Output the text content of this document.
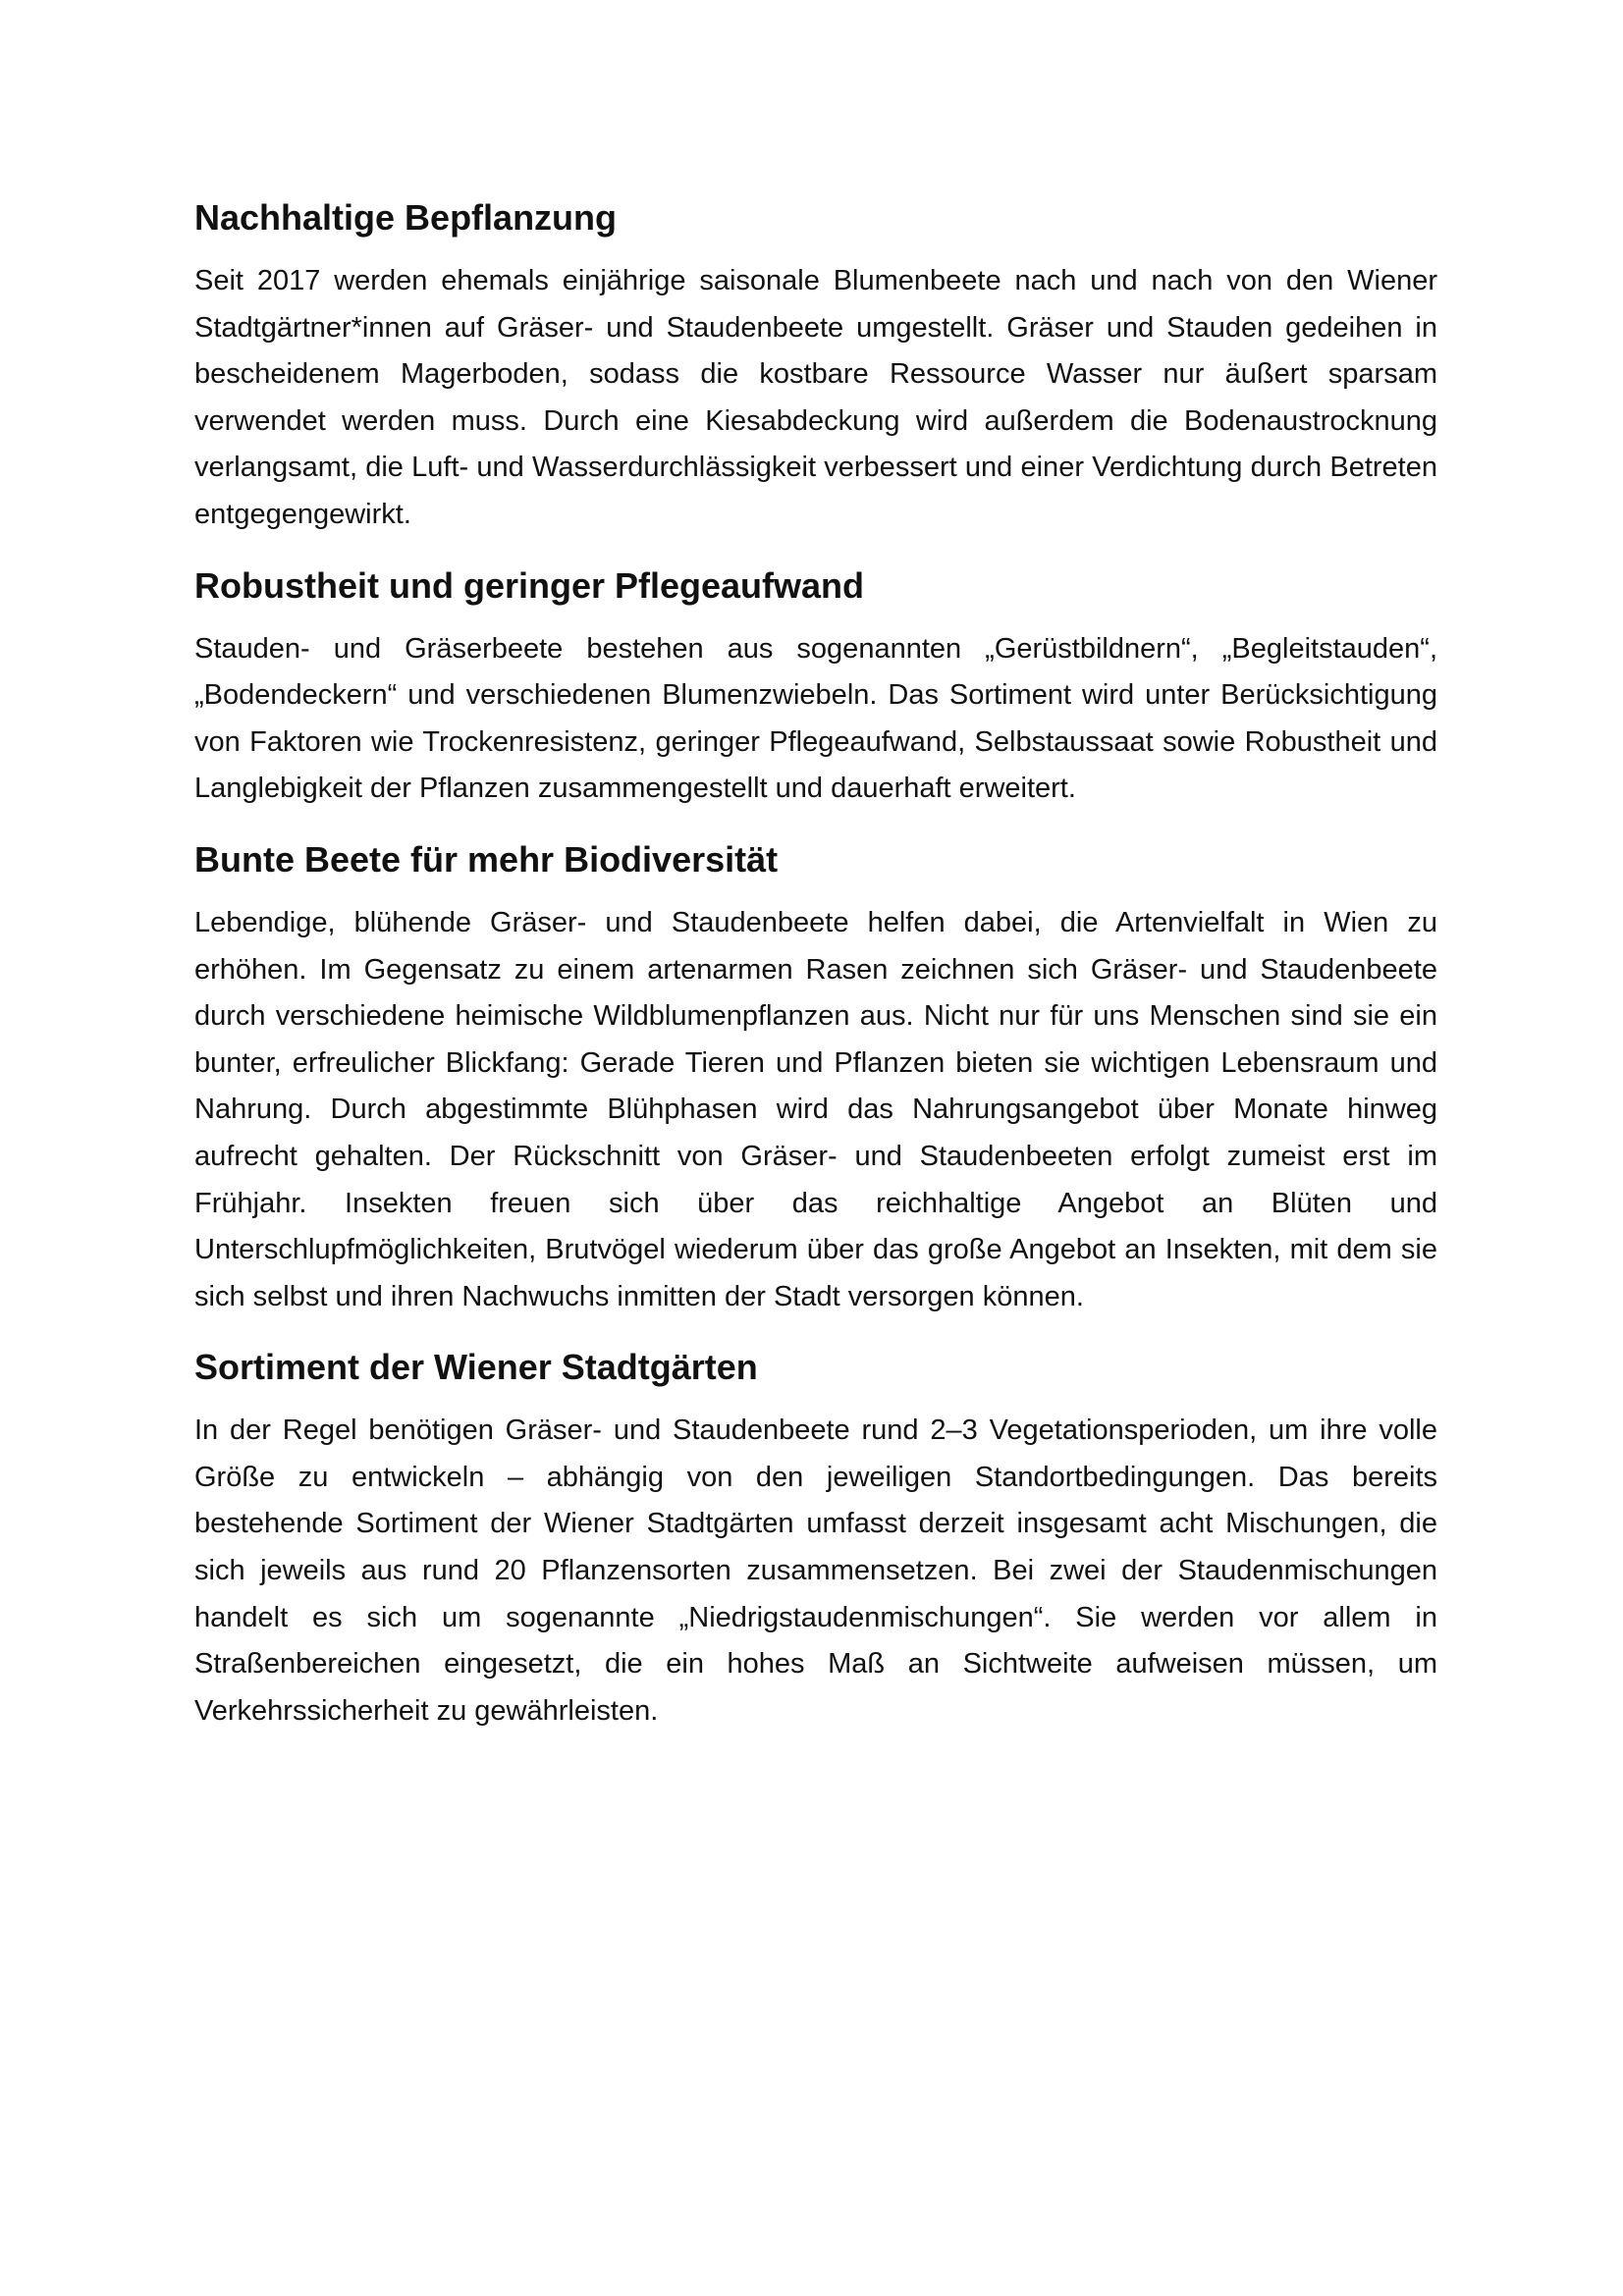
Nachhaltige Bepflanzung

Seit 2017 werden ehemals einjährige saisonale Blumenbeete nach und nach von den Wiener Stadtgärtner*innen auf Gräser- und Staudenbeete umgestellt. Gräser und Stauden gedeihen in bescheidenem Magerboden, sodass die kostbare Ressource Wasser nur äußert sparsam verwendet werden muss. Durch eine Kiesabdeckung wird außerdem die Bodenaustrocknung verlangsamt, die Luft- und Wasserdurchlässigkeit verbessert und einer Verdichtung durch Betreten entgegengewirkt.

Robustheit und geringer Pflegeaufwand

Stauden- und Gräserbeete bestehen aus sogenannten „Gerüstbildnern“, „Begleitstauden“, „Bodendeckern“ und verschiedenen Blumenzwiebeln. Das Sortiment wird unter Berücksichtigung von Faktoren wie Trockenresistenz, geringer Pflegeaufwand, Selbstaussaat sowie Robustheit und Langlebigkeit der Pflanzen zusammengestellt und dauerhaft erweitert.

Bunte Beete für mehr Biodiversität

Lebendige, blühende Gräser- und Staudenbeete helfen dabei, die Artenvielfalt in Wien zu erhöhen. Im Gegensatz zu einem artenarmen Rasen zeichnen sich Gräser- und Staudenbeete durch verschiedene heimische Wildblumenpflanzen aus. Nicht nur für uns Menschen sind sie ein bunter, erfreulicher Blickfang: Gerade Tieren und Pflanzen bieten sie wichtigen Lebensraum und Nahrung. Durch abgestimmte Blühphasen wird das Nahrungsangebot über Monate hinweg aufrecht gehalten. Der Rückschnitt von Gräser- und Staudenbeeten erfolgt zumeist erst im Frühjahr. Insekten freuen sich über das reichhaltige Angebot an Blüten und Unterschlupfmöglichkeiten, Brutvögel wiederum über das große Angebot an Insekten, mit dem sie sich selbst und ihren Nachwuchs inmitten der Stadt versorgen können.

Sortiment der Wiener Stadtgärten

In der Regel benötigen Gräser- und Staudenbeete rund 2–3 Vegetationsperioden, um ihre volle Größe zu entwickeln – abhängig von den jeweiligen Standortbedingungen. Das bereits bestehende Sortiment der Wiener Stadtgärten umfasst derzeit insgesamt acht Mischungen, die sich jeweils aus rund 20 Pflanzensorten zusammensetzen. Bei zwei der Staudenmischungen handelt es sich um sogenannte „Niedrigstaudenmischungen“. Sie werden vor allem in Straßenbereichen eingesetzt, die ein hohes Maß an Sichtweite aufweisen müssen, um Verkehrssicherheit zu gewährleisten.
